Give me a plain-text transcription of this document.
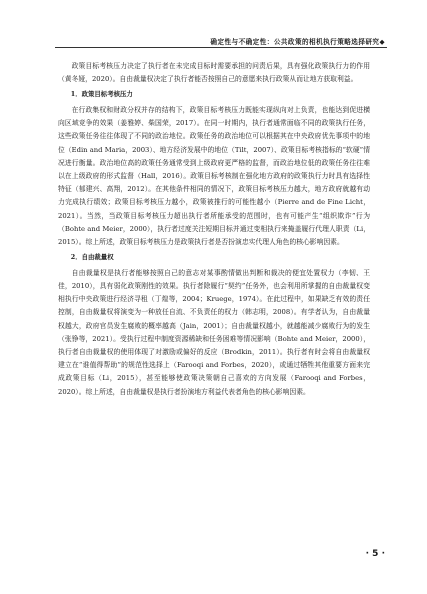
确定性与不确定性：公共政策的相机执行策略选择研究◆

政策目标考核压力决定了执行者在未完成目标时需要承担的问责后果，具有强化政策执行力的作用（黄冬娅，2020）。自由裁量权决定了执行者能否按照自己的意愿来执行政策从而让地方获取利益。

1．政策目标考核压力

在行政集权和财政分权并存的结构下，政策目标考核压力既能实现纵向对上负责，也能达到促进横向区域竞争的效果（姜雅婷、柴国荣，2017）。在同一时期内，执行者通常面临不同的政策执行任务，这些政策任务往往体现了不同的政治地位。政策任务的政治地位可以根据其在中央政府优先事项中的地位（Edin and Maria，2003）、地方经济发展中的地位（Tilt，2007）、政策目标考核指标的“软硬”情况进行衡量。政治地位高的政策任务通常受到上级政府更严格的监督，而政治地位低的政策任务往往难以在上级政府的形式监督（Hall，2016）。政策目标考核制在强化地方政府的政策执行力时具有选择性特征（郁建兴、高翔，2012）。在其他条件相同的情况下，政策目标考核压力越大，地方政府就越有动力完成执行绩效；政策目标考核压力越小，政策被推行的可能性越小（Pierre and de Fine Licht，2021）。当然，当政策目标考核压力超出执行者所能承受的范围时，也有可能产生“组织欺诈”行为（Bohte and Meier，2000），执行者过度关注短期目标并通过变相执行来掩盖履行代理人职责（Li，2015）。综上所述，政策目标考核压力是政策执行者是否扮演忠实代理人角色的核心影响因素。

2．自由裁量权

自由裁量权是执行者能够按照自己的意志对某事酌情做出判断和裁决的便宜处置权力（李韧、王佳，2010），具有弱化政策刚性的效果。执行者除履行“契约”任务外，也会利用所掌握的自由裁量权变相执行中央政策进行经济寻租（丁煌等，2004；Kruege，1974）。在此过程中，如果缺乏有效的责任控制，自由裁量权将演变为一种放任自流、不负责任的权力（韩志明，2008）。有学者认为，自由裁量权越大，政府官员发生腐败的概率越高（Jain，2001）；自由裁量权越小，就越能减少腐败行为的发生（张铮等，2021）。受执行过程中制度资源稀缺和任务困难等情况影响（Bohte and Meier，2000），执行者自由裁量权的使用体现了对激励或偏好的反应（Brodkin，2011）。执行者有时会将自由裁量权建立在“谁值得帮助”的规范性选择上（Farooqi and Forbes，2020），或通过牺牲其他重要方面来完成政策目标（Li，2015），甚至能够使政策决策朝自己喜欢的方向发展（Farooqi and Forbes，2020）。综上所述，自由裁量权是执行者扮演地方利益代表者角色的核心影响因素。

· 5 ·
